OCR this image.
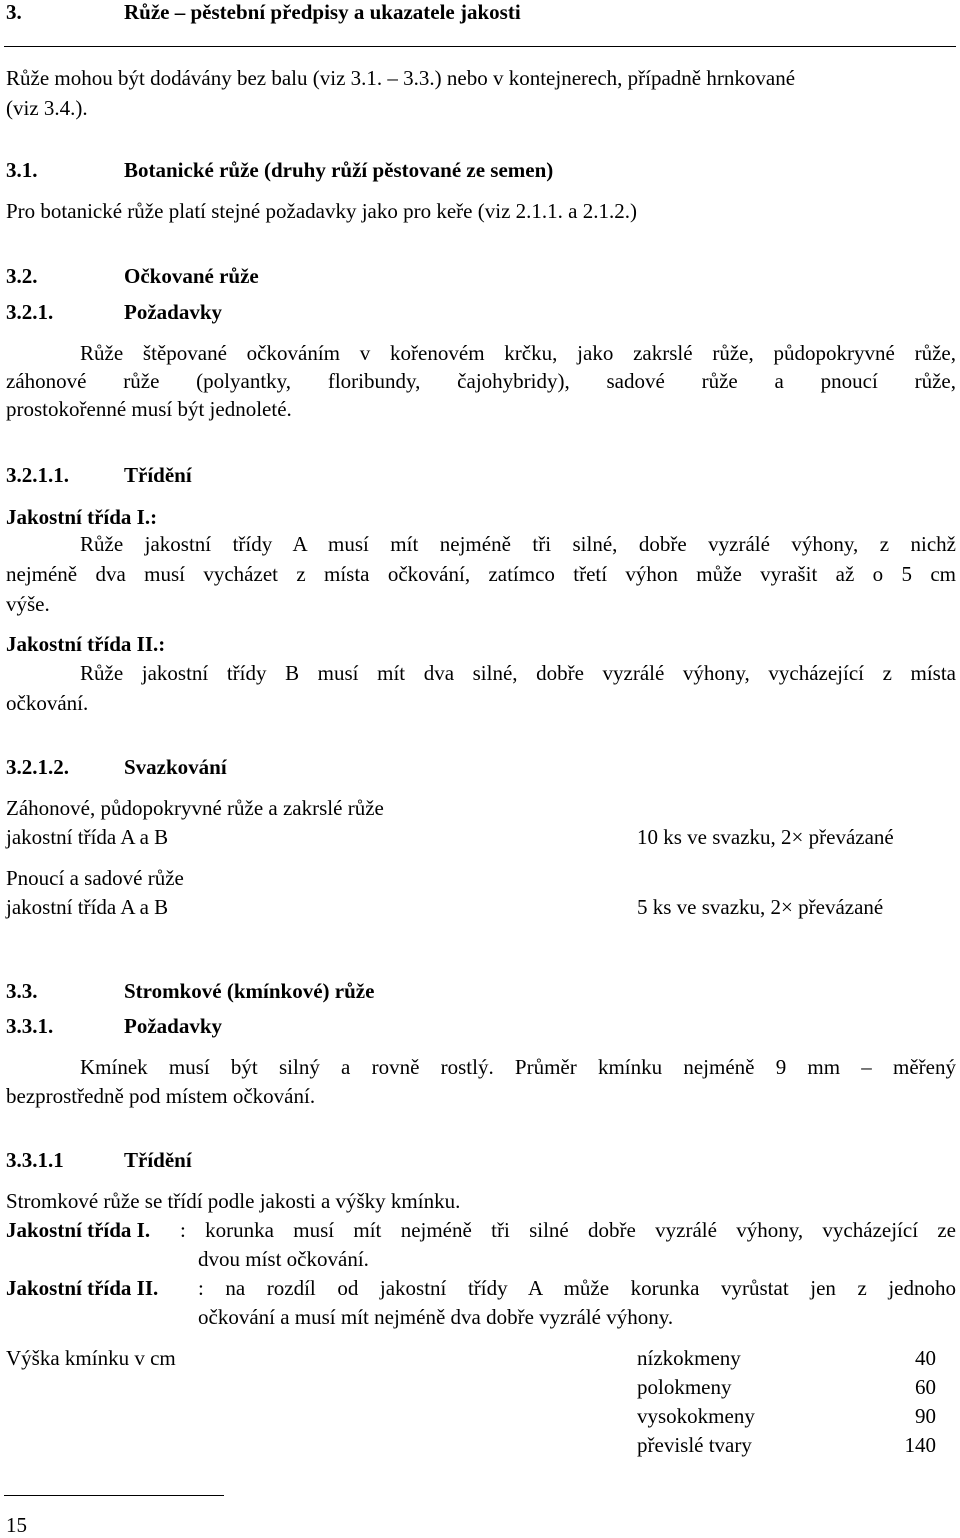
3.	Růže – pěstební předpisy a ukazatele jakosti
Růže mohou být dodávány bez balu (viz 3.1. – 3.3.) nebo v kontejnerech, případně hrnkované
(viz 3.4.).
3.1.	Botanické růže (druhy růží pěstované ze semen)
Pro botanické růže platí stejné požadavky jako pro keře (viz 2.1.1. a 2.1.2.)
3.2.	Očkované růže
3.2.1.	Požadavky
Růže štěpované očkováním v kořenovém krčku, jako zakrslé růže, půdopokryvné růže,
záhonové růže (polyantky, floribundy, čajohybridy), sadové růže a pnoucí růže,
prostokořenné musí být jednoleté.
3.2.1.1.	Třídění
Jakostní třída I.:
Růže jakostní třídy A musí mít nejméně tři silné, dobře vyzrálé výhony, z nichž
nejméně dva musí vycházet z místa očkování, zatímco třetí výhon může vyrašit až o 5 cm
výše.
Jakostní třída II.:
Růže jakostní třídy B musí mít dva silné, dobře vyzrálé výhony, vycházející z místa
očkování.
3.2.1.2.	Svazkování
Záhonové, půdopokryvné růže a zakrslé růže
jakostní třída A a B	10 ks ve svazku, 2× převázané
Pnoucí a sadové růže
jakostní třída A a B	5 ks ve svazku, 2× převázané
3.3.	Stromkové (kmínkové) růže
3.3.1.	Požadavky
Kmínek musí být silný a rovně rostlý. Průměr kmínku nejméně 9 mm – měřený
bezprostředně pod místem očkování.
3.3.1.1	Třídění
Stromkové růže se třídí podle jakosti a výšky kmínku.
Jakostní třída I. : korunka musí mít nejméně tři silné dobře vyzrálé výhony, vycházející ze
dvou míst očkování.
Jakostní třída II. : na rozdíl od jakostní třídy A může korunka vyrůstat jen z jednoho
očkování a musí mít nejméně dva dobře vyzrálé výhony.
Výška kmínku v cm	nízkokmeny	40
polokmeny	60
vysokokmeny	90
převislé tvary	140
15
